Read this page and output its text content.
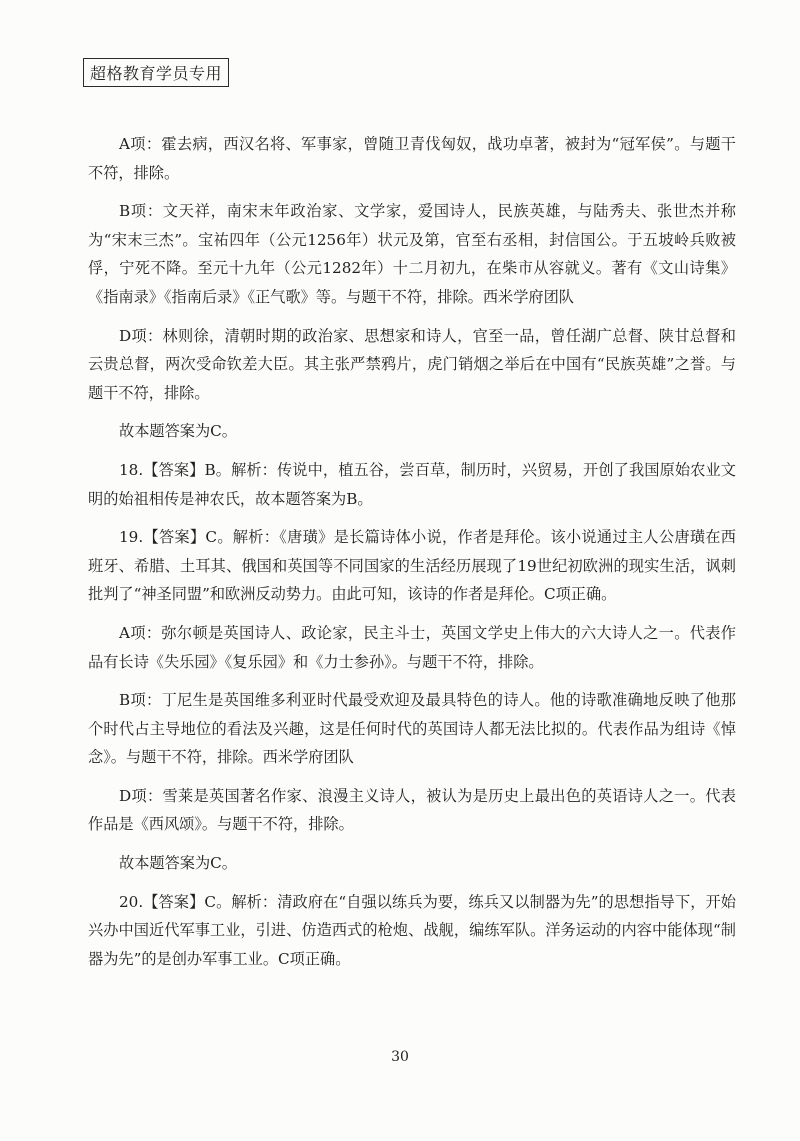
超格教育学员专用

A项：霍去病，西汉名将、军事家，曾随卫青伐匈奴，战功卓著，被封为“冠军侯”。与题干不符，排除。

B项：文天祥，南宋末年政治家、文学家，爱国诗人，民族英雄，与陆秀夫、张世杰并称为“宋末三杰”。宝祐四年（公元1256年）状元及第，官至右丞相，封信国公。于五坡岭兵败被俘，宁死不降。至元十九年（公元1282年）十二月初九，在柴市从容就义。著有《文山诗集》《指南录》《指南后录》《正气歌》等。与题干不符，排除。西米学府团队

D项：林则徐，清朝时期的政治家、思想家和诗人，官至一品，曾任湖广总督、陕甘总督和云贵总督，两次受命钦差大臣。其主张严禁鸦片，虎门销烟之举后在中国有“民族英雄”之誉。与题干不符，排除。

故本题答案为C。

18.【答案】B。解析：传说中，植五谷，尝百草，制历时，兴贸易，开创了我国原始农业文明的始祖相传是神农氏，故本题答案为B。

19.【答案】C。解析：《唐璜》是长篇诗体小说，作者是拜伦。该小说通过主人公唐璜在西班牙、希腊、土耳其、俄国和英国等不同国家的生活经历展现了19世纪初欧洲的现实生活，讽刺批判了“神圣同盟”和欧洲反动势力。由此可知，该诗的作者是拜伦。C项正确。

A项：弥尔顿是英国诗人、政论家，民主斗士，英国文学史上伟大的六大诗人之一。代表作品有长诗《失乐园》《复乐园》和《力士参孙》。与题干不符，排除。

B项：丁尼生是英国维多利亚时代最受欢迎及最具特色的诗人。他的诗歌准确地反映了他那个时代占主导地位的看法及兴趣，这是任何时代的英国诗人都无法比拟的。代表作品为组诗《悼念》。与题干不符，排除。西米学府团队

D项：雪莱是英国著名作家、浪漫主义诗人，被认为是历史上最出色的英语诗人之一。代表作品是《西风颂》。与题干不符，排除。

故本题答案为C。

20.【答案】C。解析：清政府在“自强以练兵为要，练兵又以制器为先”的思想指导下，开始兴办中国近代军事工业，引进、仿造西式的枪炮、战舰，编练军队。洋务运动的内容中能体现“制器为先”的是创办军事工业。C项正确。

30
